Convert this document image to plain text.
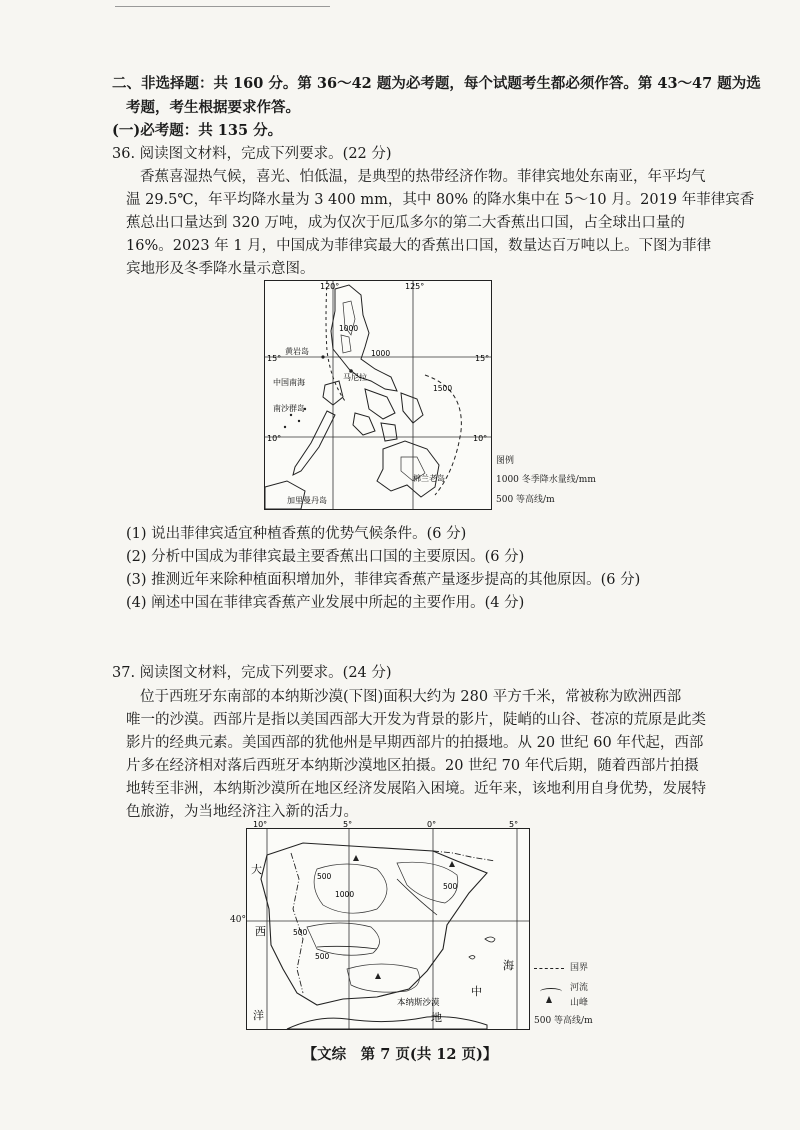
二、非选择题：共 160 分。第 36～42 题为必考题，每个试题考生都必须作答。第 43～47 题为选
考题，考生根据要求作答。
(一)必考题：共 135 分。
36. 阅读图文材料，完成下列要求。(22 分)
香蕉喜湿热气候，喜光、怕低温，是典型的热带经济作物。菲律宾地处东南亚，年平均气
温 29.5℃，年平均降水量为 3 400 mm，其中 80% 的降水集中在 5～10 月。2019 年菲律宾香
蕉总出口量达到 320 万吨，成为仅次于厄瓜多尔的第二大香蕉出口国，占全球出口量的
16%。2023 年 1 月，中国成为菲律宾最大的香蕉出口国，数量达百万吨以上。下图为菲律
宾地形及冬季降水量示意图。
120°	125°
15°	15°
10°	10°
黄岩岛
马尼拉
中国南海
南沙群岛
加里曼丹岛
棉兰老岛
1000
1000
1500
图例
1000 冬季降水量线/mm
500 等高线/m
(1) 说出菲律宾适宜种植香蕉的优势气候条件。(6 分)
(2) 分析中国成为菲律宾最主要香蕉出口国的主要原因。(6 分)
(3) 推测近年来除种植面积增加外，菲律宾香蕉产量逐步提高的其他原因。(6 分)
(4) 阐述中国在菲律宾香蕉产业发展中所起的主要作用。(4 分)
37. 阅读图文材料，完成下列要求。(24 分)
位于西班牙东南部的本纳斯沙漠(下图)面积大约为 280 平方千米，常被称为欧洲西部
唯一的沙漠。西部片是指以美国西部大开发为背景的影片，陡峭的山谷、苍凉的荒原是此类
影片的经典元素。美国西部的犹他州是早期西部片的拍摄地。从 20 世纪 60 年代起，西部
片多在经济相对落后西班牙本纳斯沙漠地区拍摄。20 世纪 70 年代后期，随着西部片拍摄
地转至非洲，本纳斯沙漠所在地区经济发展陷入困境。近年来，该地利用自身优势，发展特
色旅游，为当地经济注入新的活力。
10°	5°	0°	5°
大
西
洋
海
中
地
本纳斯沙漠
500
1000
500
500
500
40°
国界
河流
山峰
500 等高线/m
【文综　第 7 页(共 12 页)】
